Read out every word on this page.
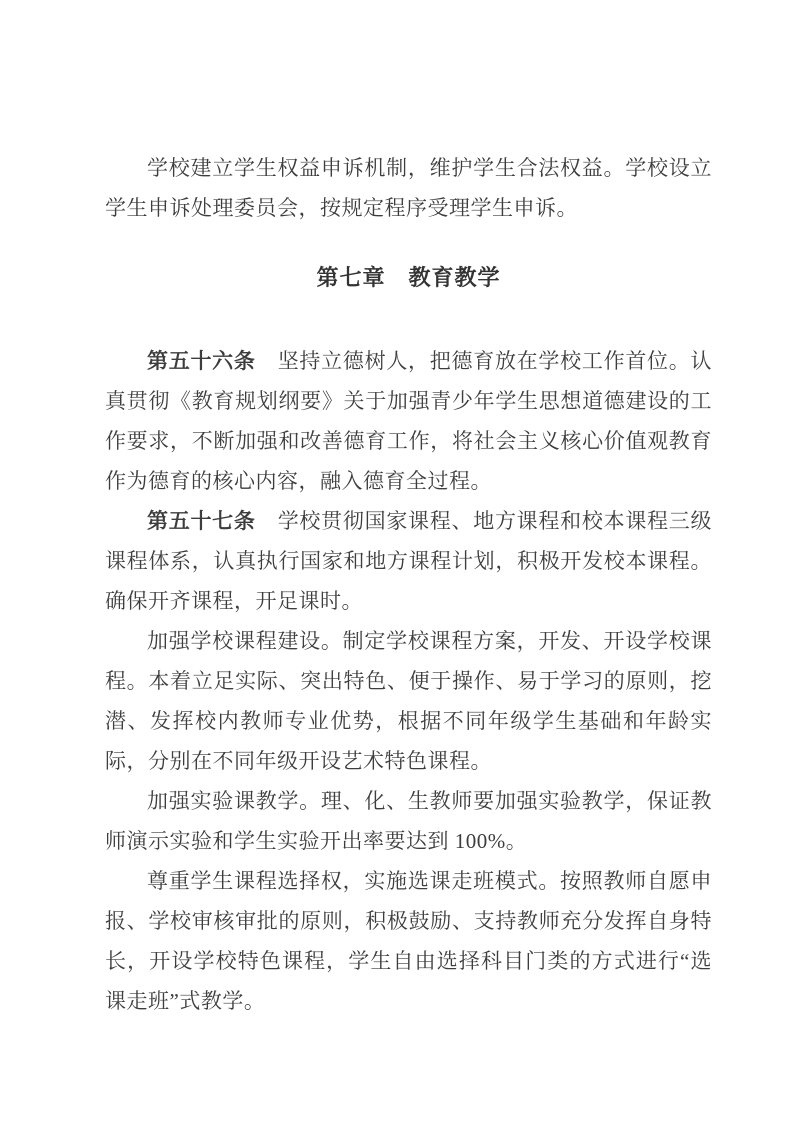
学校建立学生权益申诉机制，维护学生合法权益。学校设立学生申诉处理委员会，按规定程序受理学生申诉。

第七章　教育教学

第五十六条 坚持立德树人，把德育放在学校工作首位。认真贯彻《教育规划纲要》关于加强青少年学生思想道德建设的工作要求，不断加强和改善德育工作，将社会主义核心价值观教育作为德育的核心内容，融入德育全过程。

第五十七条 学校贯彻国家课程、地方课程和校本课程三级课程体系，认真执行国家和地方课程计划，积极开发校本课程。确保开齐课程，开足课时。

加强学校课程建设。制定学校课程方案，开发、开设学校课程。本着立足实际、突出特色、便于操作、易于学习的原则，挖潜、发挥校内教师专业优势，根据不同年级学生基础和年龄实际，分别在不同年级开设艺术特色课程。

加强实验课教学。理、化、生教师要加强实验教学，保证教师演示实验和学生实验开出率要达到 100%。

尊重学生课程选择权，实施选课走班模式。按照教师自愿申报、学校审核审批的原则，积极鼓励、支持教师充分发挥自身特长，开设学校特色课程，学生自由选择科目门类的方式进行“选课走班”式教学。
